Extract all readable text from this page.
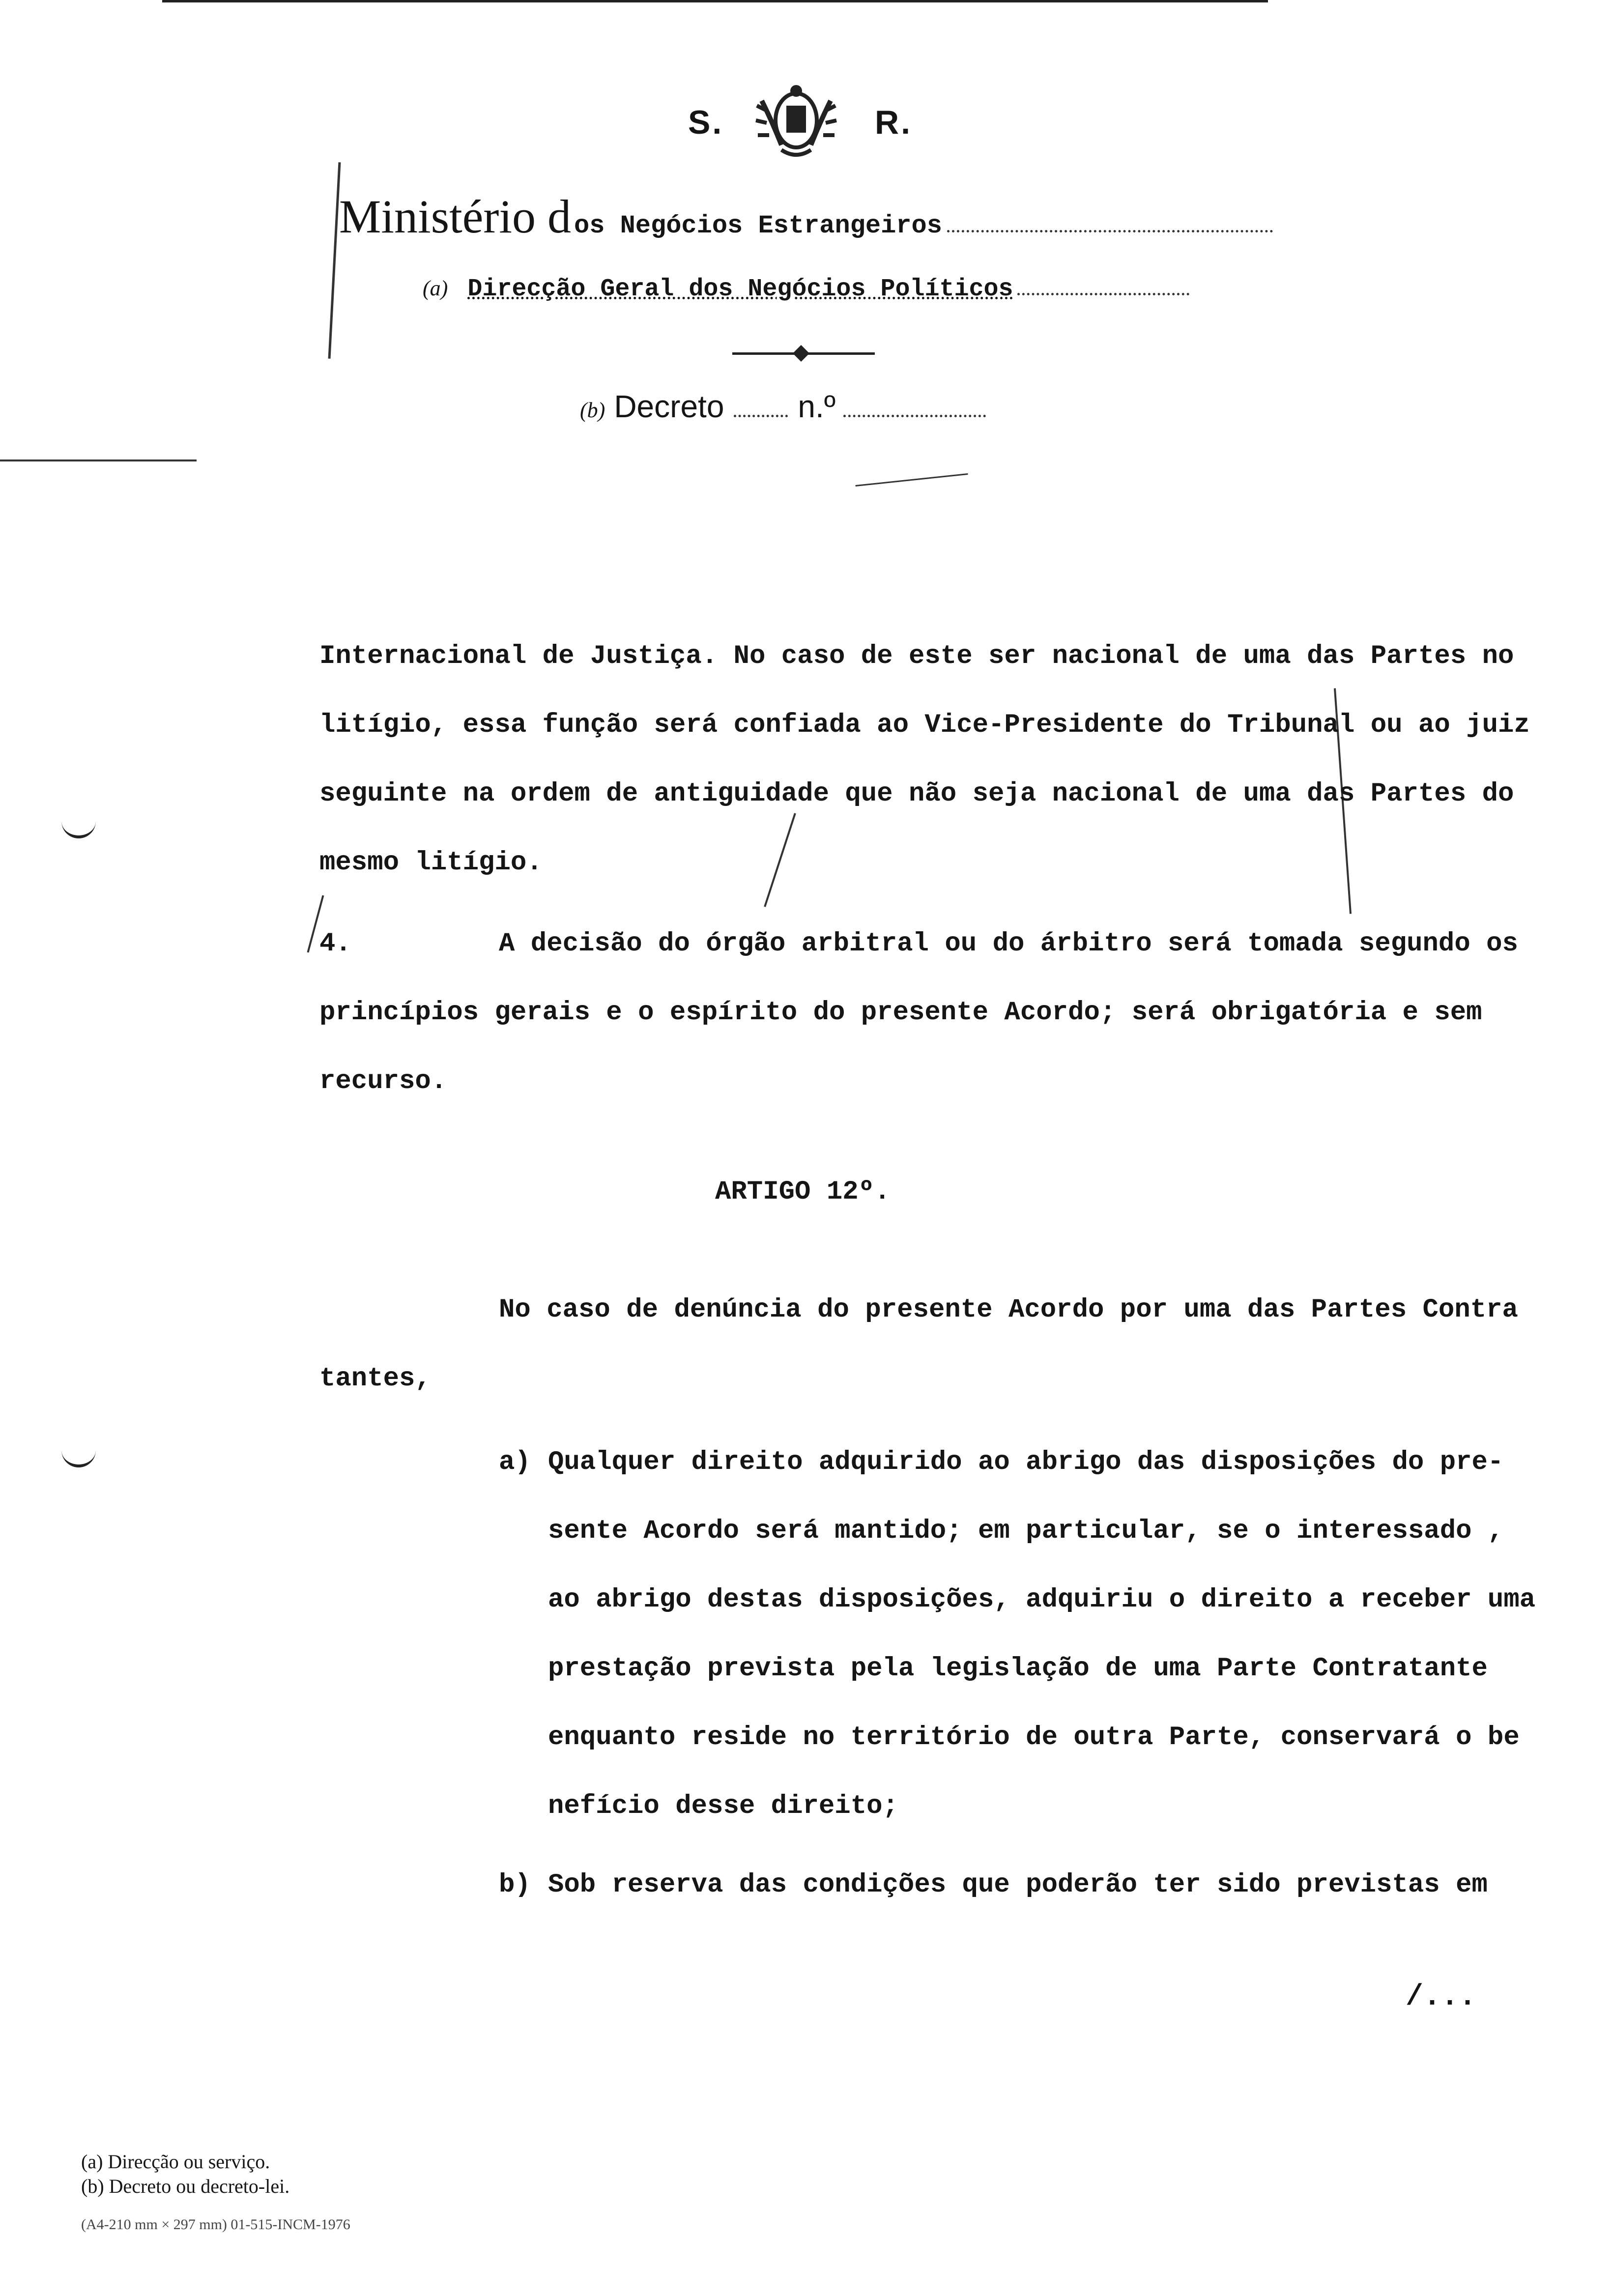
S.	R.
Ministério d os Negócios Estrangeiros
(a) Direcção Geral dos Negócios Políticos
(b) Decreto n.º
Internacional de Justiça. No caso de este ser nacional de uma das Partes no
litígio, essa função será confiada ao Vice-Presidente do Tribunal ou ao juiz
seguinte na ordem de antiguidade que não seja nacional de uma das Partes do
mesmo litígio.
4.	A decisão do órgão arbitral ou do árbitro será tomada segundo os
princípios gerais e o espírito do presente Acordo; será obrigatória e sem
recurso.
ARTIGO 12º.
No caso de denúncia do presente Acordo por uma das Partes Contra
tantes,
a) Qualquer direito adquirido ao abrigo das disposições do pre-
sente Acordo será mantido; em particular, se o interessado ,
ao abrigo destas disposições, adquiriu o direito a receber uma
prestação prevista pela legislação de uma Parte Contratante
enquanto reside no território de outra Parte, conservará o be
nefício desse direito;
b) Sob reserva das condições que poderão ter sido previstas em
/...
(a) Direcção ou serviço.
(b) Decreto ou decreto-lei.
(A4-210 mm × 297 mm) 01-515-INCM-1976
